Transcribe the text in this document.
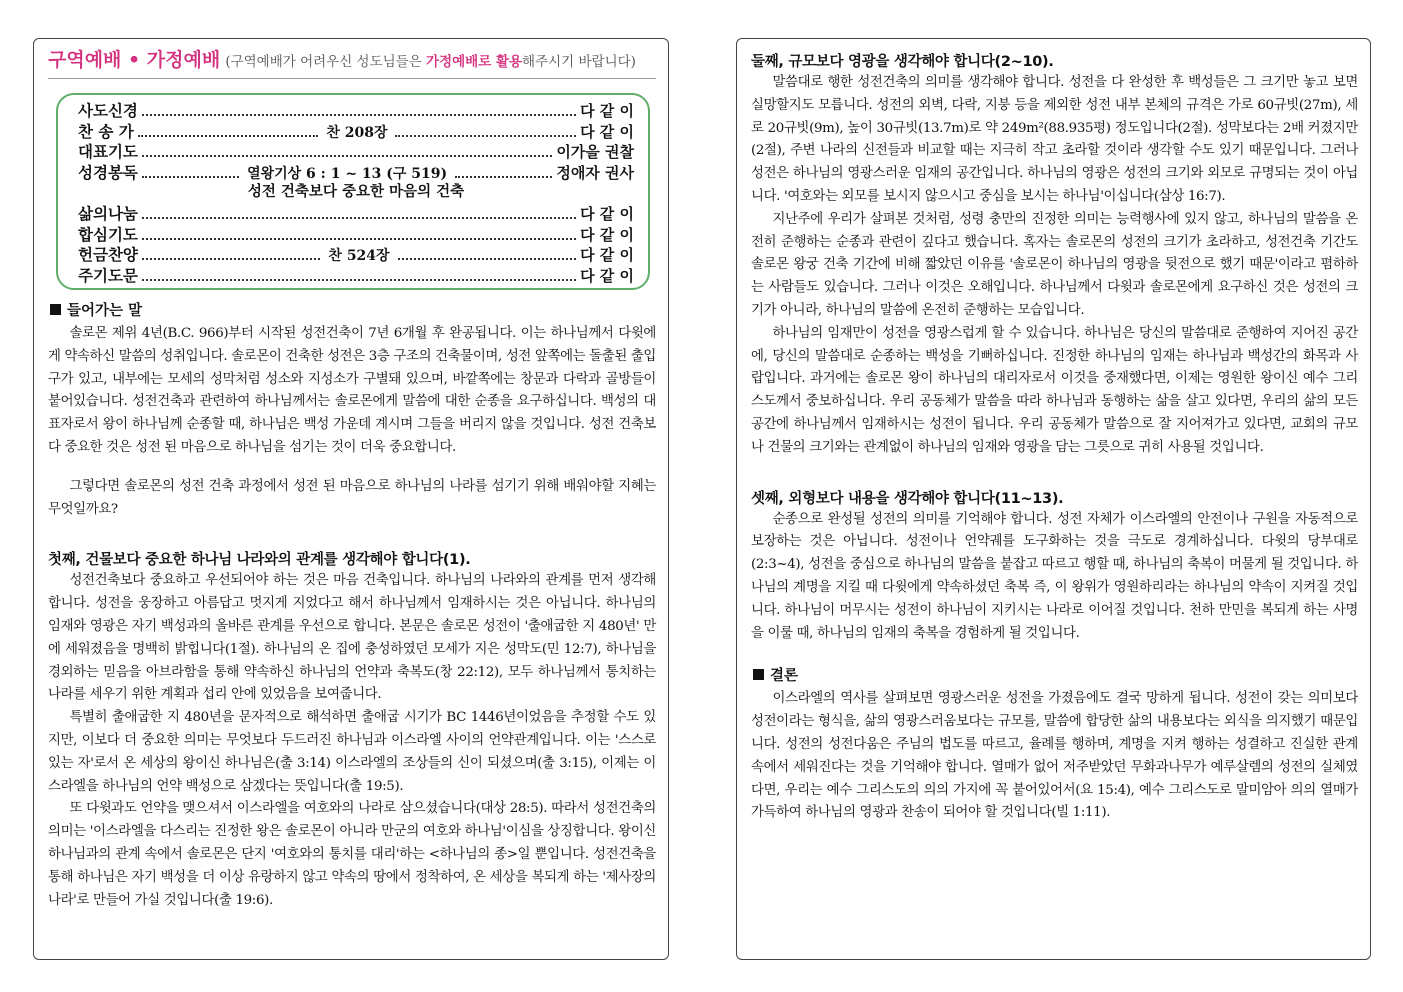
구역예배 • 가정예배 (구역예배가 어려우신 성도님들은 가정예배로 활용해주시기 바랍니다)
사도신경	다 같 이
찬 송 가	찬 208장	다 같 이
대표기도	이가을 권찰
성경봉독	열왕기상 6 : 1 ~ 13 (구 519)	정애자 권사
성전 건축보다 중요한 마음의 건축
삶의나눔	다 같 이
합심기도	다 같 이
헌금찬양	찬 524장	다 같 이
주기도문	다 같 이
들어가는 말

솔로몬 제위 4년(B.C. 966)부터 시작된 성전건축이 7년 6개월 후 완공됩니다. 이는 하나님께서 다윗에게 약속하신 말씀의 성취입니다. 솔로몬이 건축한 성전은 3층 구조의 건축물이며, 성전 앞쪽에는 돌출된 출입구가 있고, 내부에는 모세의 성막처럼 성소와 지성소가 구별돼 있으며, 바깥쪽에는 창문과 다락과 골방들이 붙어있습니다. 성전건축과 관련하여 하나님께서는 솔로몬에게 말씀에 대한 순종을 요구하십니다. 백성의 대표자로서 왕이 하나님께 순종할 때, 하나님은 백성 가운데 계시며 그들을 버리지 않을 것입니다. 성전 건축보다 중요한 것은 성전 된 마음으로 하나님을 섬기는 것이 더욱 중요합니다.

그렇다면 솔로몬의 성전 건축 과정에서 성전 된 마음으로 하나님의 나라를 섬기기 위해 배워야할 지혜는 무엇일까요?

첫째, 건물보다 중요한 하나님 나라와의 관계를 생각해야 합니다(1).

성전건축보다 중요하고 우선되어야 하는 것은 마음 건축입니다. 하나님의 나라와의 관계를 먼저 생각해 합니다. 성전을 웅장하고 아름답고 멋지게 지었다고 해서 하나님께서 임재하시는 것은 아닙니다. 하나님의 임재와 영광은 자기 백성과의 올바른 관계를 우선으로 합니다. 본문은 솔로몬 성전이 '출애굽한 지 480년' 만에 세워졌음을 명백히 밝힙니다(1절). 하나님의 온 집에 충성하였던 모세가 지은 성막도(민 12:7), 하나님을 경외하는 믿음을 아브라함을 통해 약속하신 하나님의 언약과 축복도(창 22:12), 모두 하나님께서 통치하는 나라를 세우기 위한 계획과 섭리 안에 있었음을 보여줍니다.

특별히 출애굽한 지 480년을 문자적으로 해석하면 출애굽 시기가 BC 1446년이었음을 추정할 수도 있지만, 이보다 더 중요한 의미는 무엇보다 두드러진 하나님과 이스라엘 사이의 언약관계입니다. 이는 '스스로 있는 자'로서 온 세상의 왕이신 하나님은(출 3:14) 이스라엘의 조상들의 신이 되셨으며(출 3:15), 이제는 이스라엘을 하나님의 언약 백성으로 삼겠다는 뜻입니다(출 19:5).

또 다윗과도 언약을 맺으셔서 이스라엘을 여호와의 나라로 삼으셨습니다(대상 28:5). 따라서 성전건축의 의미는 '이스라엘을 다스리는 진정한 왕은 솔로몬이 아니라 만군의 여호와 하나님'이심을 상징합니다. 왕이신 하나님과의 관계 속에서 솔로몬은 단지 '여호와의 통치를 대리'하는 <하나님의 종>일 뿐입니다. 성전건축을 통해 하나님은 자기 백성을 더 이상 유랑하지 않고 약속의 땅에서 정착하여, 온 세상을 복되게 하는 '제사장의 나라'로 만들어 가실 것입니다(출 19:6).

둘째, 규모보다 영광을 생각해야 합니다(2~10).

말씀대로 행한 성전건축의 의미를 생각해야 합니다. 성전을 다 완성한 후 백성들은 그 크기만 놓고 보면 실망할지도 모릅니다. 성전의 외벽, 다락, 지붕 등을 제외한 성전 내부 본체의 규격은 가로 60규빗(27m), 세로 20규빗(9m), 높이 30규빗(13.7m)로 약 249m²(88.935평) 정도입니다(2절). 성막보다는 2배 커졌지만(2절), 주변 나라의 신전들과 비교할 때는 지극히 작고 초라할 것이라 생각할 수도 있기 때문입니다. 그러나 성전은 하나님의 영광스러운 임재의 공간입니다. 하나님의 영광은 성전의 크기와 외모로 규명되는 것이 아닙니다. '여호와는 외모를 보시지 않으시고 중심을 보시는 하나님'이십니다(삼상 16:7).

지난주에 우리가 살펴본 것처럼, 성령 충만의 진정한 의미는 능력행사에 있지 않고, 하나님의 말씀을 온전히 준행하는 순종과 관련이 깊다고 했습니다. 혹자는 솔로몬의 성전의 크기가 초라하고, 성전건축 기간도 솔로몬 왕궁 건축 기간에 비해 짧았던 이유를 '솔로몬이 하나님의 영광을 뒷전으로 했기 때문'이라고 폄하하는 사람들도 있습니다. 그러나 이것은 오해입니다. 하나님께서 다윗과 솔로몬에게 요구하신 것은 성전의 크기가 아니라, 하나님의 말씀에 온전히 준행하는 모습입니다.

하나님의 임재만이 성전을 영광스럽게 할 수 있습니다. 하나님은 당신의 말씀대로 준행하여 지어진 공간에, 당신의 말씀대로 순종하는 백성을 기뻐하십니다. 진정한 하나님의 임재는 하나님과 백성간의 화목과 사랍입니다. 과거에는 솔로몬 왕이 하나님의 대리자로서 이것을 중재했다면, 이제는 영원한 왕이신 예수 그리스도께서 중보하십니다. 우리 공동체가 말씀을 따라 하나님과 동행하는 삶을 살고 있다면, 우리의 삶의 모든 공간에 하나님께서 임재하시는 성전이 됩니다. 우리 공동체가 말씀으로 잘 지어져가고 있다면, 교회의 규모나 건물의 크기와는 관계없이 하나님의 임재와 영광을 담는 그릇으로 귀히 사용될 것입니다.

셋째, 외형보다 내용을 생각해야 합니다(11~13).

순종으로 완성될 성전의 의미를 기억해야 합니다. 성전 자체가 이스라엘의 안전이나 구원을 자동적으로 보장하는 것은 아닙니다. 성전이나 언약궤를 도구화하는 것을 극도로 경계하십니다. 다윗의 당부대로(2:3~4), 성전을 중심으로 하나님의 말씀을 붙잡고 따르고 행할 때, 하나님의 축복이 머물게 될 것입니다. 하나님의 계명을 지킬 때 다윗에게 약속하셨던 축복 즉, 이 왕위가 영원하리라는 하나님의 약속이 지켜질 것입니다. 하나님이 머무시는 성전이 하나님이 지키시는 나라로 이어질 것입니다. 천하 만민을 복되게 하는 사명을 이룰 때, 하나님의 임재의 축복을 경험하게 될 것입니다.

결론

이스라엘의 역사를 살펴보면 영광스러운 성전을 가졌음에도 결국 망하게 됩니다. 성전이 갖는 의미보다 성전이라는 형식을, 삶의 영광스러움보다는 규모를, 말씀에 합당한 삶의 내용보다는 외식을 의지했기 때문입니다. 성전의 성전다움은 주님의 법도를 따르고, 율례를 행하며, 계명을 지켜 행하는 성결하고 진실한 관계 속에서 세워진다는 것을 기억해야 합니다. 열매가 없어 저주받았던 무화과나무가 예루살렘의 성전의 실체였다면, 우리는 예수 그리스도의 의의 가지에 꼭 붙어있어서(요 15:4), 예수 그리스도로 말미암아 의의 열매가 가득하여 하나님의 영광과 찬송이 되어야 할 것입니다(빌 1:11).
